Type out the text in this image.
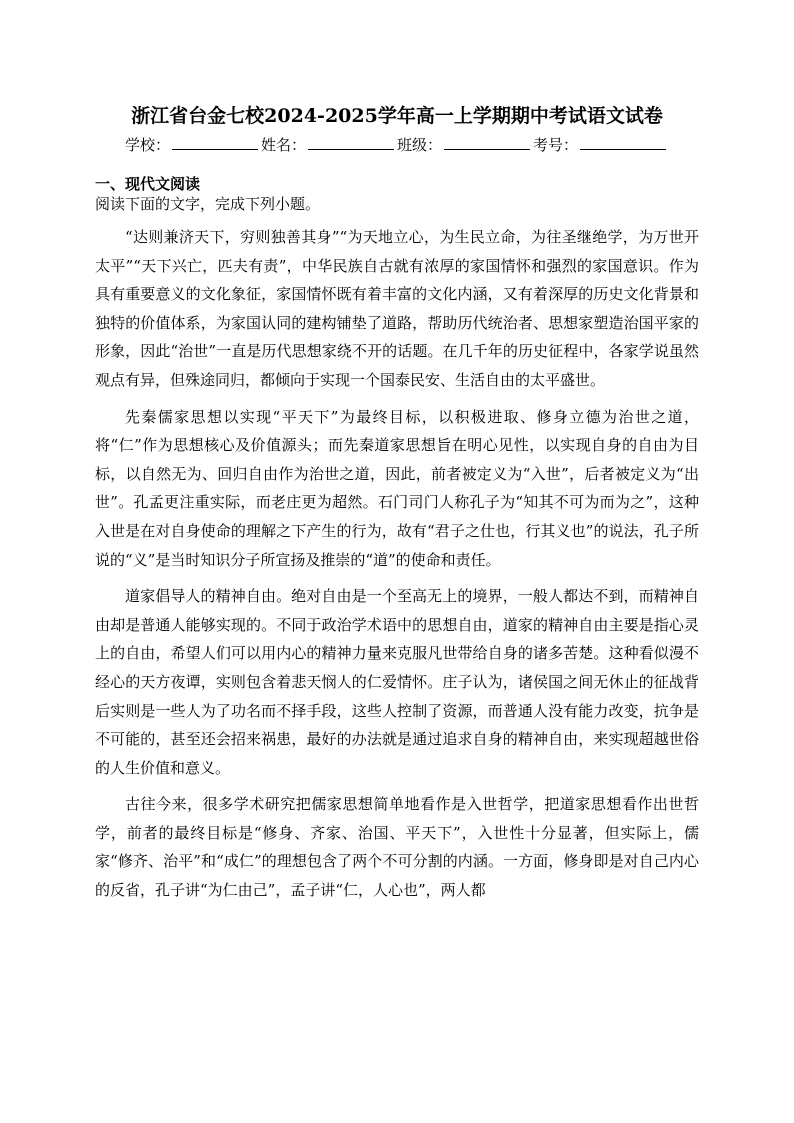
浙江省台金七校2024-2025学年高一上学期期中考试语文试卷
学校：	姓名：	班级：	考号：
一、现代文阅读

阅读下面的文字，完成下列小题。

“达则兼济天下，穷则独善其身”“为天地立心，为生民立命，为往圣继绝学，为万世开太平”“天下兴亡，匹夫有责”，中华民族自古就有浓厚的家国情怀和强烈的家国意识。作为具有重要意义的文化象征，家国情怀既有着丰富的文化内涵，又有着深厚的历史文化背景和独特的价值体系，为家国认同的建构铺垫了道路，帮助历代统治者、思想家塑造治国平家的形象，因此“治世”一直是历代思想家绕不开的话题。在几千年的历史征程中，各家学说虽然观点有异，但殊途同归，都倾向于实现一个国泰民安、生活自由的太平盛世。

先秦儒家思想以实现“平天下”为最终目标，以积极进取、修身立德为治世之道，将“仁”作为思想核心及价值源头；而先秦道家思想旨在明心见性，以实现自身的自由为目标，以自然无为、回归自由作为治世之道，因此，前者被定义为“入世”，后者被定义为“出世”。孔孟更注重实际，而老庄更为超然。石门司门人称孔子为“知其不可为而为之”，这种入世是在对自身使命的理解之下产生的行为，故有“君子之仕也，行其义也”的说法，孔子所说的“义”是当时知识分子所宣扬及推崇的“道”的使命和责任。

道家倡导人的精神自由。绝对自由是一个至高无上的境界，一般人都达不到，而精神自由却是普通人能够实现的。不同于政治学术语中的思想自由，道家的精神自由主要是指心灵上的自由，希望人们可以用内心的精神力量来克服凡世带给自身的诸多苦楚。这种看似漫不经心的天方夜谭，实则包含着悲天悯人的仁爱情怀。庄子认为，诸侯国之间无休止的征战背后实则是一些人为了功名而不择手段，这些人控制了资源，而普通人没有能力改变，抗争是不可能的，甚至还会招来祸患，最好的办法就是通过追求自身的精神自由，来实现超越世俗的人生价值和意义。

古往今来，很多学术研究把儒家思想简单地看作是入世哲学，把道家思想看作出世哲学，前者的最终目标是“修身、齐家、治国、平天下”，入世性十分显著，但实际上，儒家“修齐、治平”和“成仁”的理想包含了两个不可分割的内涵。一方面，修身即是对自己内心的反省，孔子讲“为仁由己”，孟子讲“仁，人心也”，两人都
